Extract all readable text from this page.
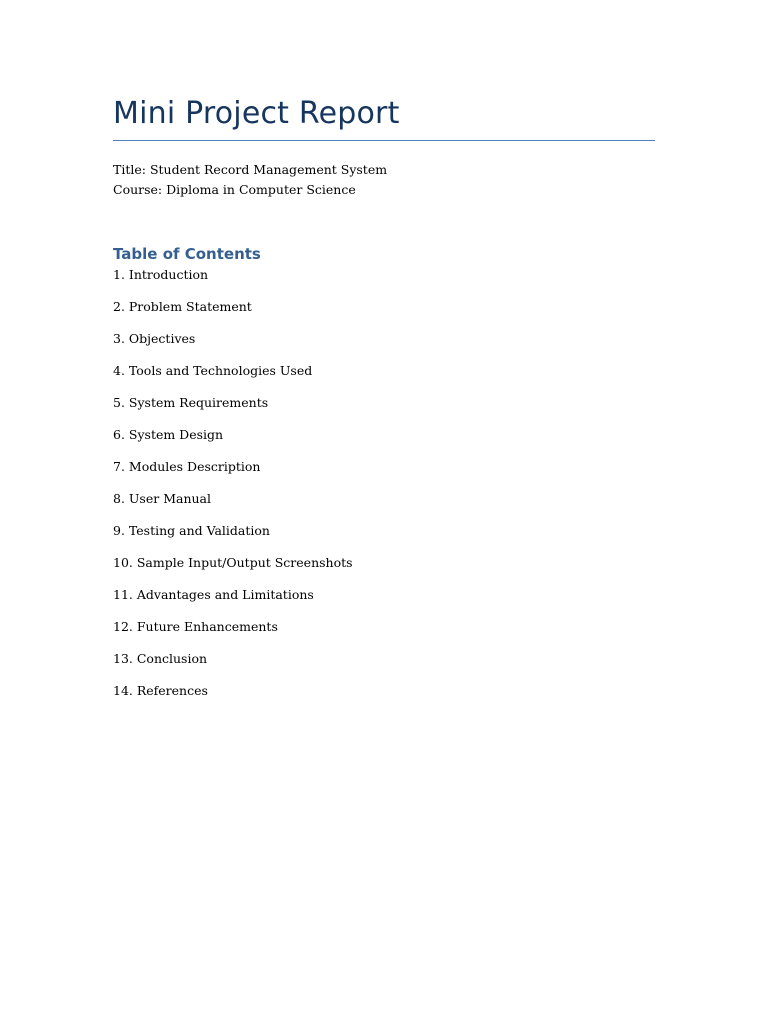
Mini Project Report
Title: Student Record Management System
Course: Diploma in Computer Science
Table of Contents
1. Introduction
2. Problem Statement
3. Objectives
4. Tools and Technologies Used
5. System Requirements
6. System Design
7. Modules Description
8. User Manual
9. Testing and Validation
10. Sample Input/Output Screenshots
11. Advantages and Limitations
12. Future Enhancements
13. Conclusion
14. References
